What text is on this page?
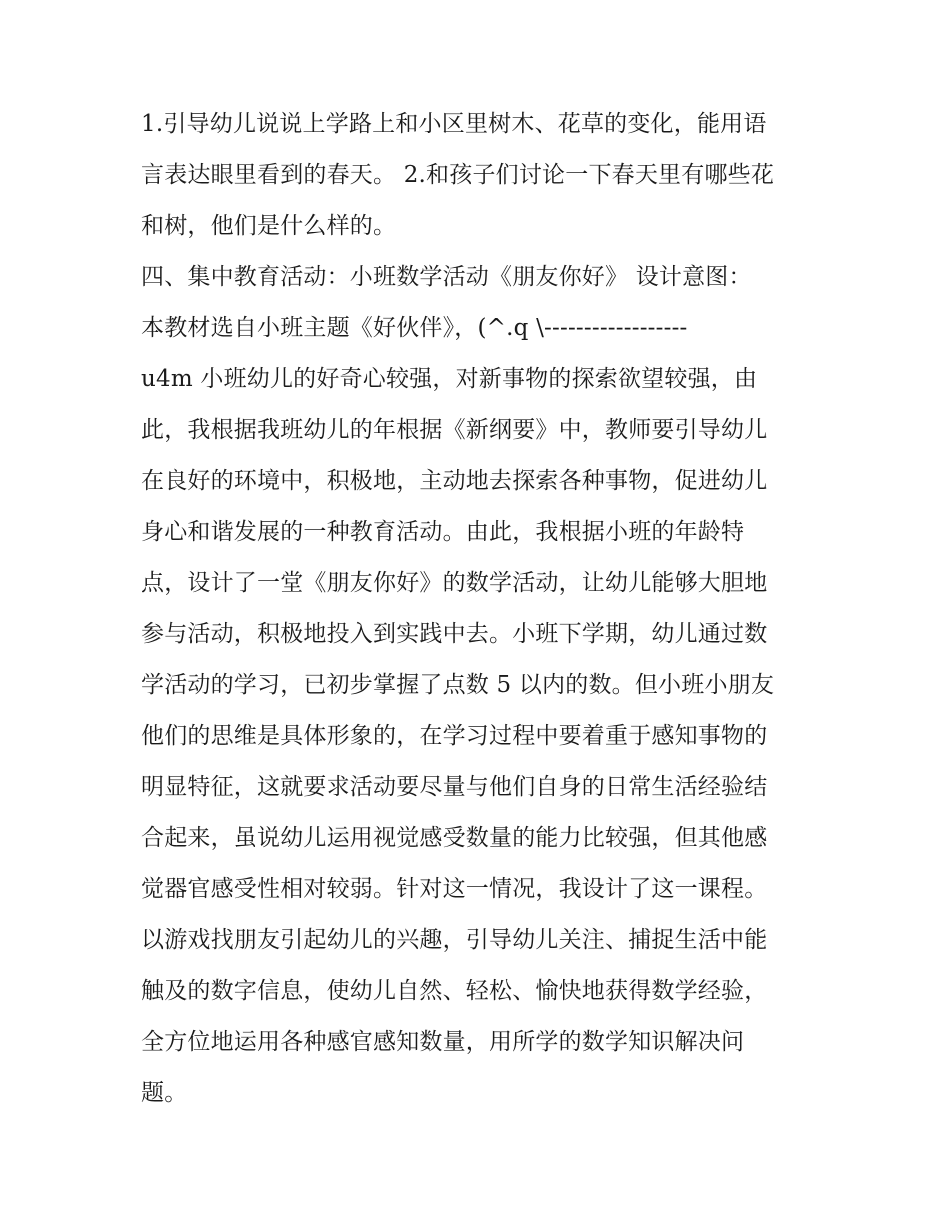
1.引导幼儿说说上学路上和小区里树木、花草的变化，能用语
言表达眼里看到的春天。 2.和孩子们讨论一下春天里有哪些花
和树，他们是什么样的。
四、集中教育活动：小班数学活动《朋友你好》 设计意图：
本教材选自小班主题《好伙伴》，(^.q \------------------
u4m 小班幼儿的好奇心较强，对新事物的探索欲望较强，由
此，我根据我班幼儿的年根据《新纲要》中，教师要引导幼儿
在良好的环境中，积极地，主动地去探索各种事物，促进幼儿
身心和谐发展的一种教育活动。由此，我根据小班的年龄特
点，设计了一堂《朋友你好》的数学活动，让幼儿能够大胆地
参与活动，积极地投入到实践中去。小班下学期，幼儿通过数
学活动的学习，已初步掌握了点数 5 以内的数。但小班小朋友
他们的思维是具体形象的，在学习过程中要着重于感知事物的
明显特征，这就要求活动要尽量与他们自身的日常生活经验结
合起来，虽说幼儿运用视觉感受数量的能力比较强，但其他感
觉器官感受性相对较弱。针对这一情况，我设计了这一课程。
以游戏找朋友引起幼儿的兴趣，引导幼儿关注、捕捉生活中能
触及的数字信息，使幼儿自然、轻松、愉快地获得数学经验，
全方位地运用各种感官感知数量，用所学的数学知识解决问
题。
